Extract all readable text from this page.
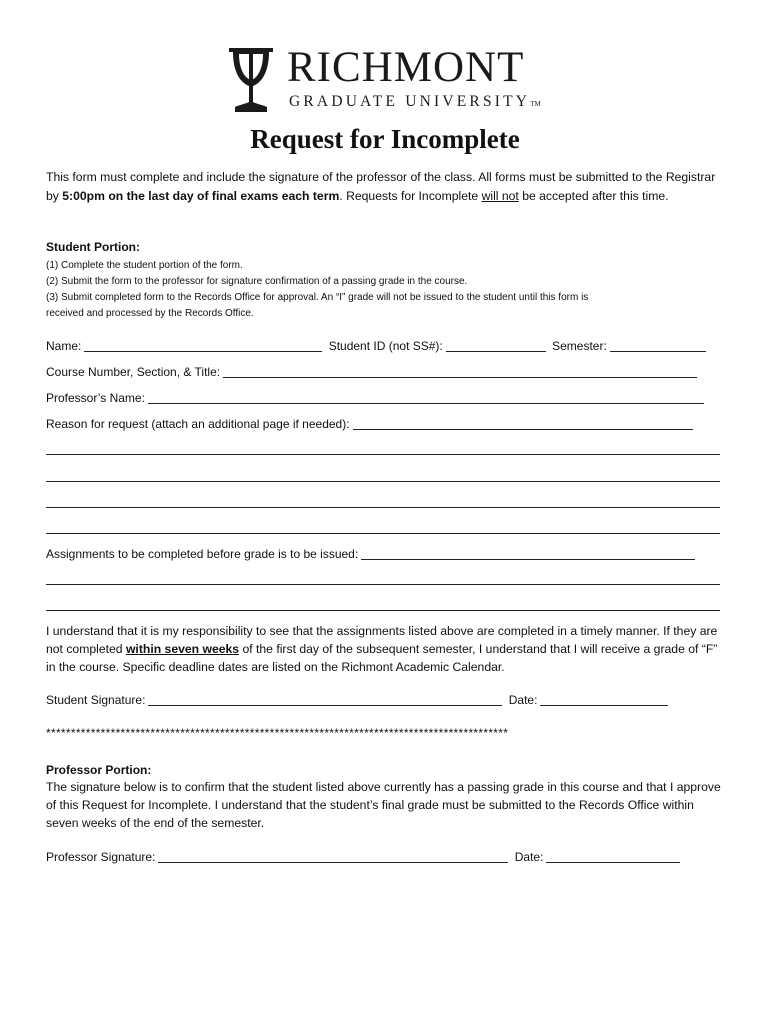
RICHMONT
GRADUATE UNIVERSITYTM
Request for Incomplete
This form must complete and include the signature of the professor of the class. All forms must be submitted to the Registrar by 5:00pm on the last day of final exams each term. Requests for Incomplete will not be accepted after this time.
Student Portion:
(1) Complete the student portion of the form.
(2) Submit the form to the professor for signature confirmation of a passing grade in the course.
(3) Submit completed form to the Records Office for approval. An “I” grade will not be issued to the student until this form is
received and processed by the Records Office.
Name:	Student ID (not SS#):	Semester:
Course Number, Section, & Title:
Professor’s Name:
Reason for request (attach an additional page if needed):
Assignments to be completed before grade is to be issued:
I understand that it is my responsibility to see that the assignments listed above are completed in a timely manner. If they are not completed within seven weeks of the first day of the subsequent semester, I understand that I will receive a grade of “F” in the course. Specific deadline dates are listed on the Richmont Academic Calendar.
Student Signature:	Date:
*********************************************************************************************
Professor Portion:
The signature below is to confirm that the student listed above currently has a passing grade in this course and that I approve of this Request for Incomplete. I understand that the student’s final grade must be submitted to the Records Office within seven weeks of the end of the semester.
Professor Signature:	Date:
